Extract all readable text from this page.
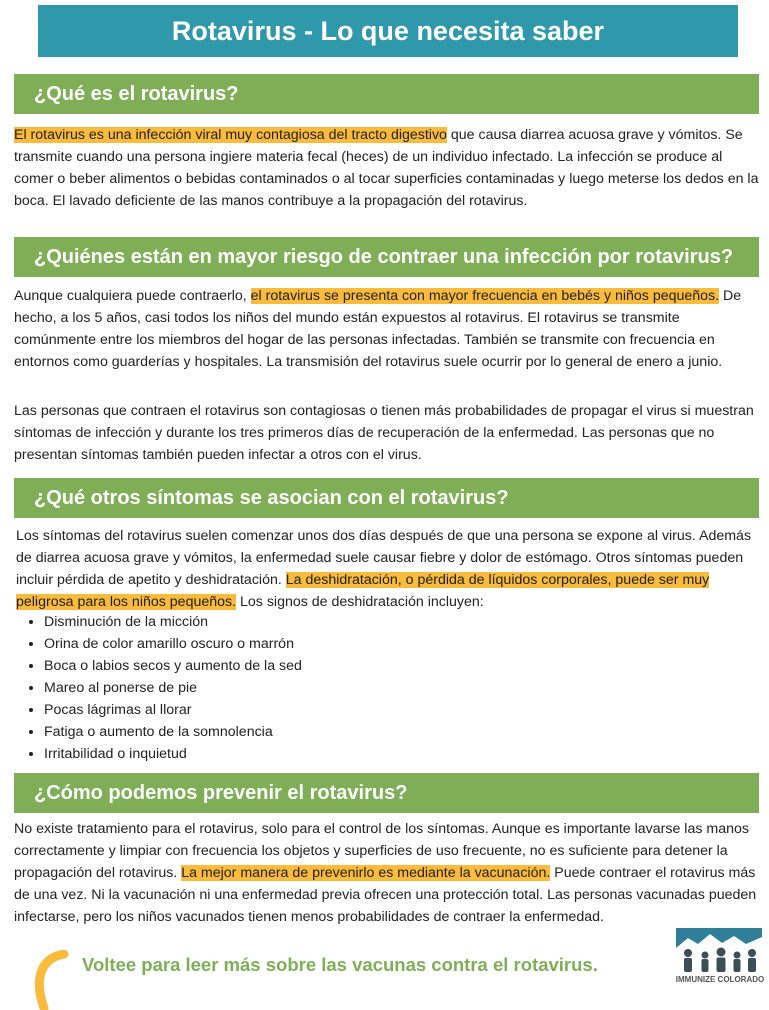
Rotavirus - Lo que necesita saber
¿Qué es el rotavirus?

El rotavirus es una infección viral muy contagiosa del tracto digestivo que causa diarrea acuosa grave y vómitos. Se transmite cuando una persona ingiere materia fecal (heces) de un individuo infectado. La infección se produce al comer o beber alimentos o bebidas contaminados o al tocar superficies contaminadas y luego meterse los dedos en la boca. El lavado deficiente de las manos contribuye a la propagación del rotavirus.

¿Quiénes están en mayor riesgo de contraer una infección por rotavirus?

Aunque cualquiera puede contraerlo, el rotavirus se presenta con mayor frecuencia en bebés y niños pequeños. De hecho, a los 5 años, casi todos los niños del mundo están expuestos al rotavirus. El rotavirus se transmite comúnmente entre los miembros del hogar de las personas infectadas. También se transmite con frecuencia en entornos como guarderías y hospitales. La transmisión del rotavirus suele ocurrir por lo general de enero a junio.

Las personas que contraen el rotavirus son contagiosas o tienen más probabilidades de propagar el virus si muestran síntomas de infección y durante los tres primeros días de recuperación de la enfermedad. Las personas que no presentan síntomas también pueden infectar a otros con el virus.

¿Qué otros síntomas se asocian con el rotavirus?

Los síntomas del rotavirus suelen comenzar unos dos días después de que una persona se expone al virus. Además de diarrea acuosa grave y vómitos, la enfermedad suele causar fiebre y dolor de estómago. Otros síntomas pueden incluir pérdida de apetito y deshidratación. La deshidratación, o pérdida de líquidos corporales, puede ser muy peligrosa para los niños pequeños. Los signos de deshidratación incluyen:

• Disminución de la micción
• Orina de color amarillo oscuro o marrón
• Boca o labios secos y aumento de la sed
• Mareo al ponerse de pie
• Pocas lágrimas al llorar
• Fatiga o aumento de la somnolencia
• Irritabilidad o inquietud
¿Cómo podemos prevenir el rotavirus?

No existe tratamiento para el rotavirus, solo para el control de los síntomas. Aunque es importante lavarse las manos correctamente y limpiar con frecuencia los objetos y superficies de uso frecuente, no es suficiente para detener la propagación del rotavirus. La mejor manera de prevenirlo es mediante la vacunación. Puede contraer el rotavirus más de una vez. Ni la vacunación ni una enfermedad previa ofrecen una protección total. Las personas vacunadas pueden infectarse, pero los niños vacunados tienen menos probabilidades de contraer la enfermedad.

Voltee para leer más sobre las vacunas contra el rotavirus.
IMMUNIZE COLORADO
